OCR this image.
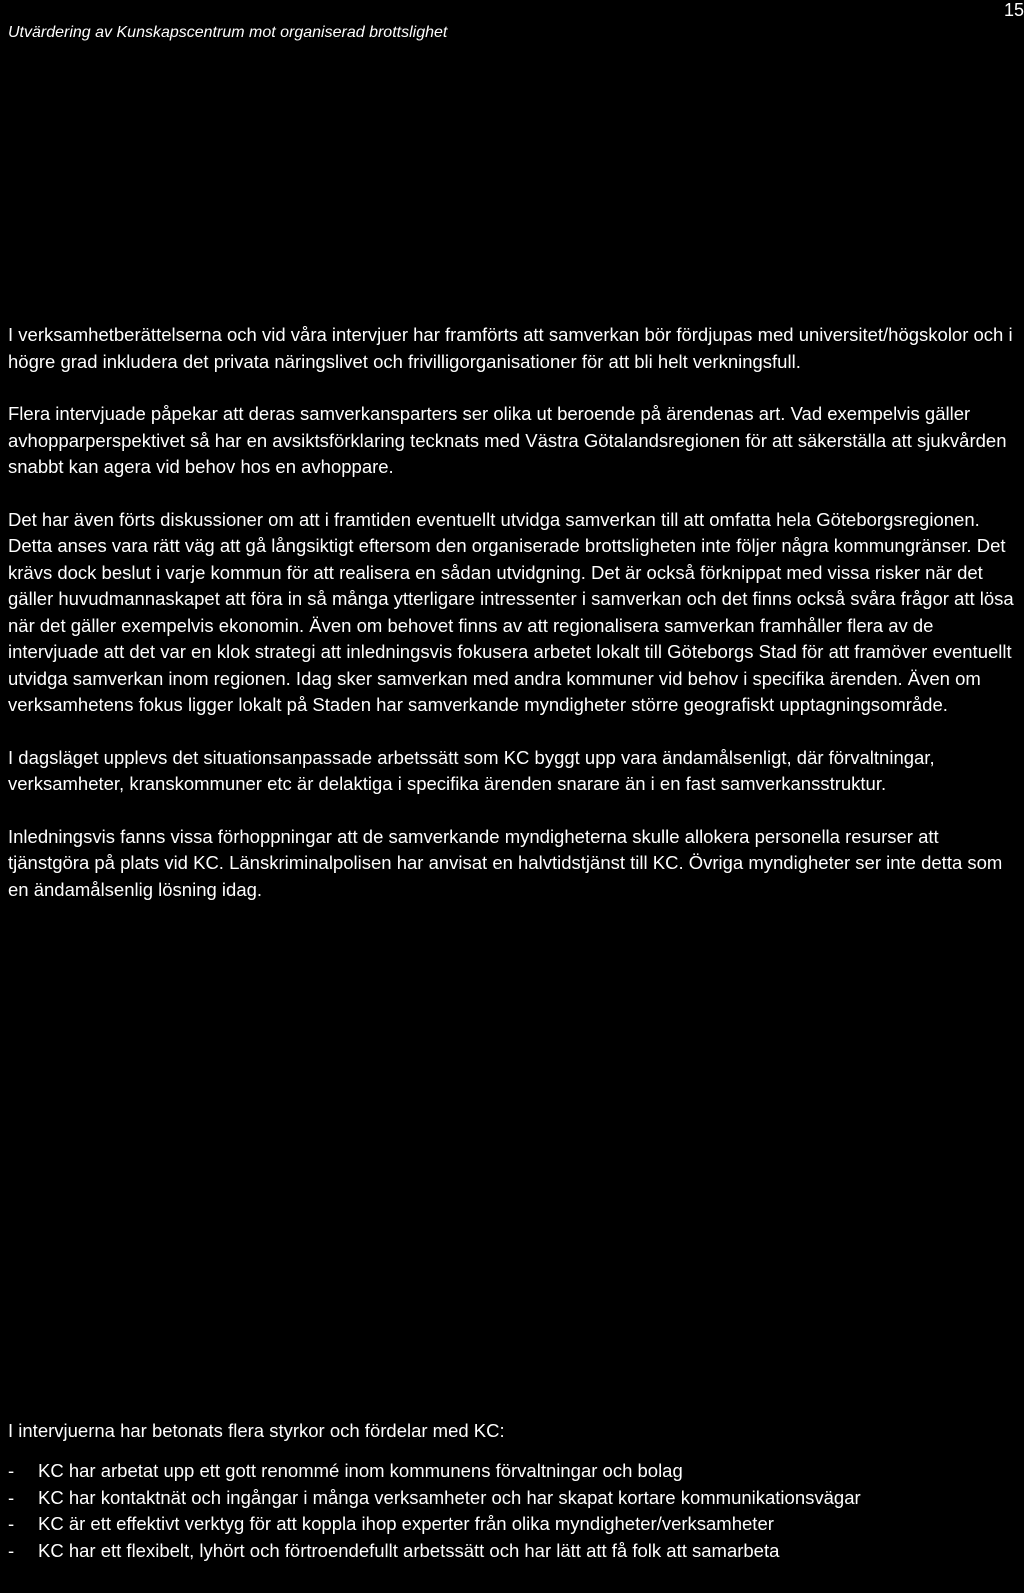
Utvärdering av Kunskapscentrum mot organiserad brottslighet
15

I verksamhetberättelserna och vid våra intervjuer har framförts att samverkan bör fördjupas med universitet/högskolor och i högre grad inkludera det privata näringslivet och frivilligorganisationer för att bli helt verkningsfull.

Flera intervjuade påpekar att deras samverkansparters ser olika ut beroende på ärendenas art. Vad exempelvis gäller avhopparperspektivet så har en avsiktsförklaring tecknats med Västra Götalandsregionen för att säkerställa att sjukvården snabbt kan agera vid behov hos en avhoppare.

Det har även förts diskussioner om att i framtiden eventuellt utvidga samverkan till att omfatta hela Göteborgsregionen. Detta anses vara rätt väg att gå långsiktigt eftersom den organiserade brottsligheten inte följer några kommungränser. Det krävs dock beslut i varje kommun för att realisera en sådan utvidgning. Det är också förknippat med vissa risker när det gäller huvudmannaskapet att föra in så många ytterligare intressenter i samverkan och det finns också svåra frågor att lösa när det gäller exempelvis ekonomin. Även om behovet finns av att regionalisera samverkan framhåller flera av de intervjuade att det var en klok strategi att inledningsvis fokusera arbetet lokalt till Göteborgs Stad för att framöver eventuellt utvidga samverkan inom regionen. Idag sker samverkan med andra kommuner vid behov i specifika ärenden. Även om verksamhetens fokus ligger lokalt på Staden har samverkande myndigheter större geografiskt upptagningsområde.

I dagsläget upplevs det situationsanpassade arbetssätt som KC byggt upp vara ändamålsenligt, där förvaltningar, verksamheter, kranskommuner etc är delaktiga i specifika ärenden snarare än i en fast samverkansstruktur.

Inledningsvis fanns vissa förhoppningar att de samverkande myndigheterna skulle allokera personella resurser att tjänstgöra på plats vid KC. Länskriminalpolisen har anvisat en halvtidstjänst till KC. Övriga myndigheter ser inte detta som en ändamålsenlig lösning idag.

I intervjuerna har betonats flera styrkor och fördelar med KC:
-	KC har arbetat upp ett gott renommé inom kommunens förvaltningar och bolag
-	KC har kontaktnät och ingångar i många verksamheter och har skapat kortare kommunikationsvägar
-	KC är ett effektivt verktyg för att koppla ihop experter från olika myndigheter/verksamheter
-	KC har ett flexibelt, lyhört och förtroendefullt arbetssätt och har lätt att få folk att samarbeta
